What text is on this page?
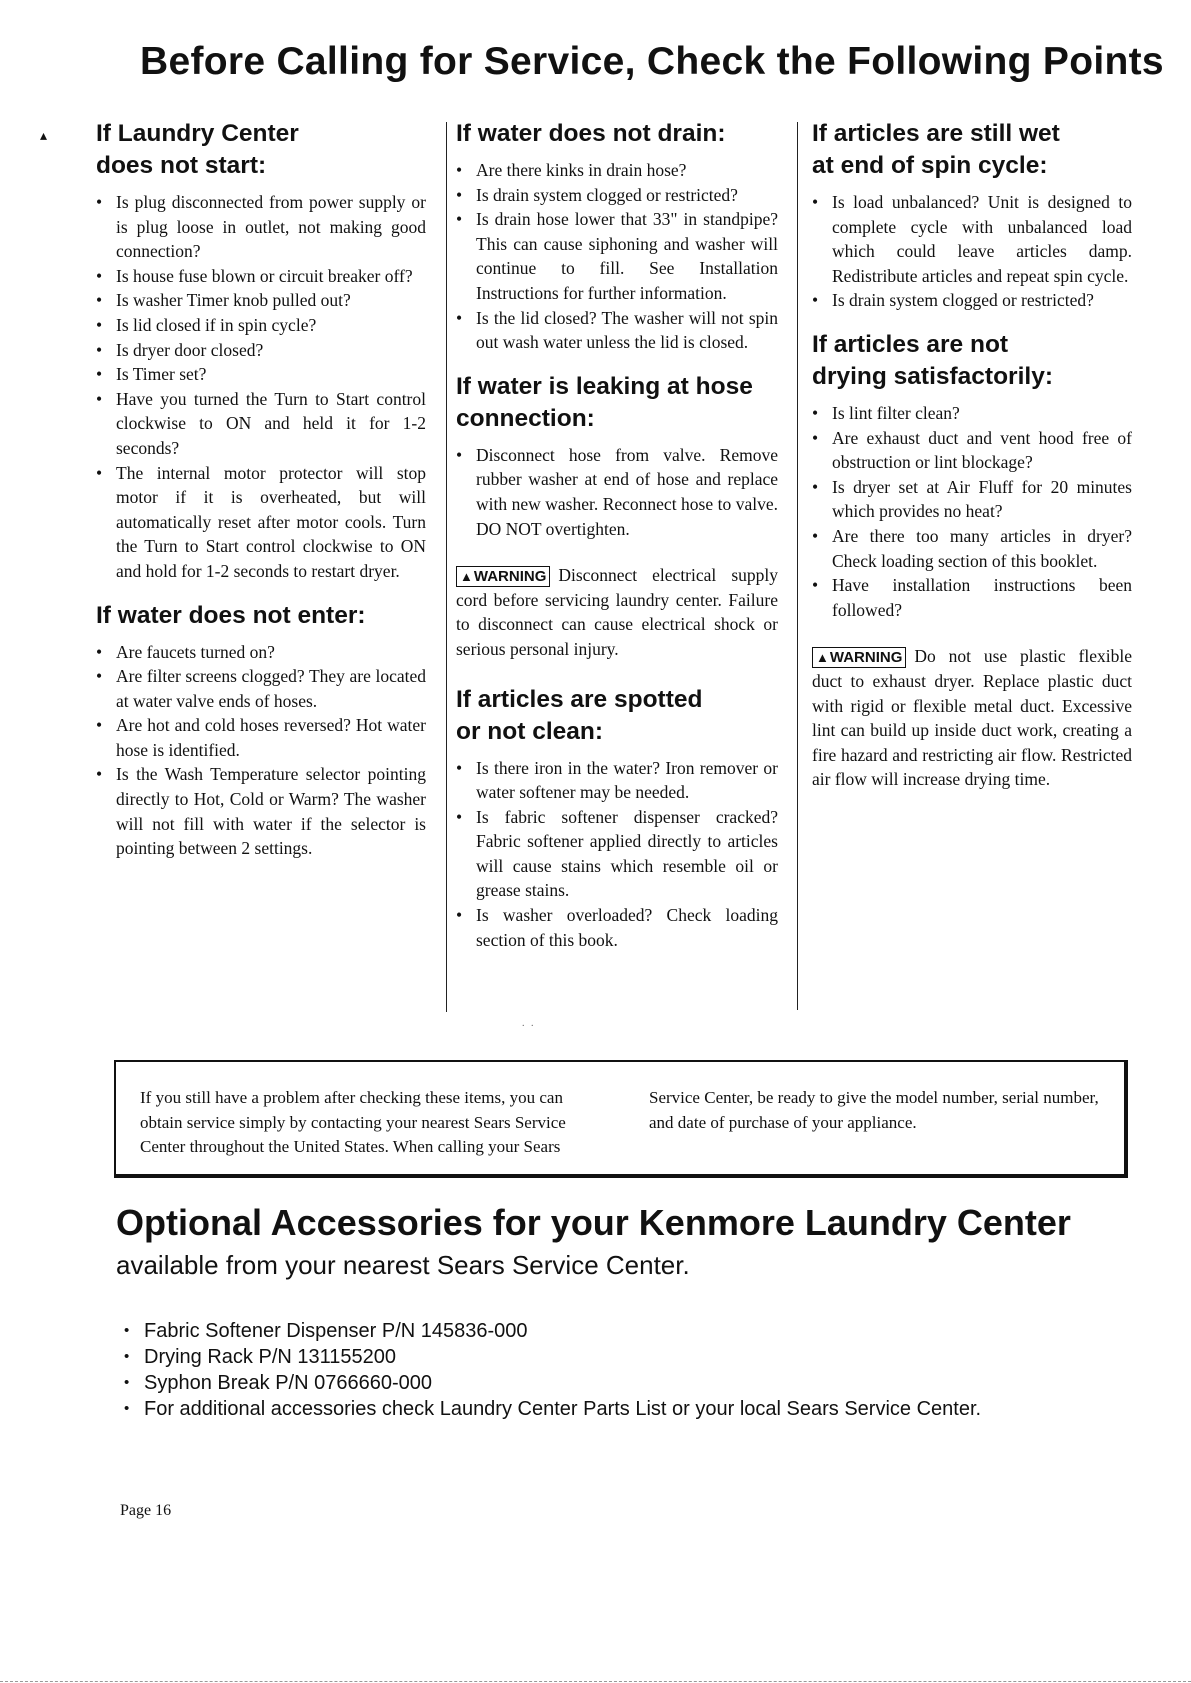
Before Calling for Service, Check the Following Points
▴ If Laundry Center
does not start:
• Is plug disconnected from power supply or is plug loose in outlet, not making good connection?
• Is house fuse blown or circuit breaker off?
• Is washer Timer knob pulled out?
• Is lid closed if in spin cycle?
• Is dryer door closed?
• Is Timer set?
• Have you turned the Turn to Start control clockwise to ON and held it for 1-2 seconds?
• The internal motor protector will stop motor if it is overheated, but will automatically reset after motor cools. Turn the Turn to Start control clockwise to ON and hold for 1-2 seconds to restart dryer.
If water does not enter:
• Are faucets turned on?
• Are filter screens clogged? They are located at water valve ends of hoses.
• Are hot and cold hoses reversed? Hot water hose is identified.
• Is the Wash Temperature selector pointing directly to Hot, Cold or Warm? The washer will not fill with water if the selector is pointing between 2 settings.
If water does not drain:
• Are there kinks in drain hose?
• Is drain system clogged or restricted?
• Is drain hose lower that 33" in standpipe? This can cause siphoning and washer will continue to fill. See Installation Instructions for further information.
• Is the lid closed? The washer will not spin out wash water unless the lid is closed.
If water is leaking at hose
connection:
• Disconnect hose from valve. Remove rubber washer at end of hose and replace with new washer. Reconnect hose to valve. DO NOT overtighten.

▲WARNING Disconnect electrical supply cord before servicing laundry center. Failure to disconnect can cause electrical shock or serious personal injury.

If articles are spotted
or not clean:
• Is there iron in the water? Iron remover or water softener may be needed.
• Is fabric softener dispenser cracked? Fabric softener applied directly to articles will cause stains which resemble oil or grease stains.
• Is washer overloaded? Check loading section of this book.
If articles are still wet
at end of spin cycle:
• Is load unbalanced? Unit is designed to complete cycle with unbalanced load which could leave articles damp. Redistribute articles and repeat spin cycle.
• Is drain system clogged or restricted?
If articles are not
drying satisfactorily:
• Is lint filter clean?
• Are exhaust duct and vent hood free of obstruction or lint blockage?
• Is dryer set at Air Fluff for 20 minutes which provides no heat?
• Are there too many articles in dryer? Check loading section of this booklet.
• Have installation instructions been followed?

▲WARNING Do not use plastic flexible duct to exhaust dryer. Replace plastic duct with rigid or flexible metal duct. Excessive lint can build up inside duct work, creating a fire hazard and restricting air flow. Restricted air flow will increase drying time.

. .
If you still have a problem after checking these items, you can obtain service simply by contacting your nearest Sears Service Center throughout the United States. When calling your Sears Service Center, be ready to give the model number, serial number, and date of purchase of your appliance.
Optional Accessories for your Kenmore Laundry Center
available from your nearest Sears Service Center.
• Fabric Softener Dispenser P/N 145836-000
• Drying Rack P/N 131155200
• Syphon Break P/N 0766660-000
• For additional accessories check Laundry Center Parts List or your local Sears Service Center.
Page 16
